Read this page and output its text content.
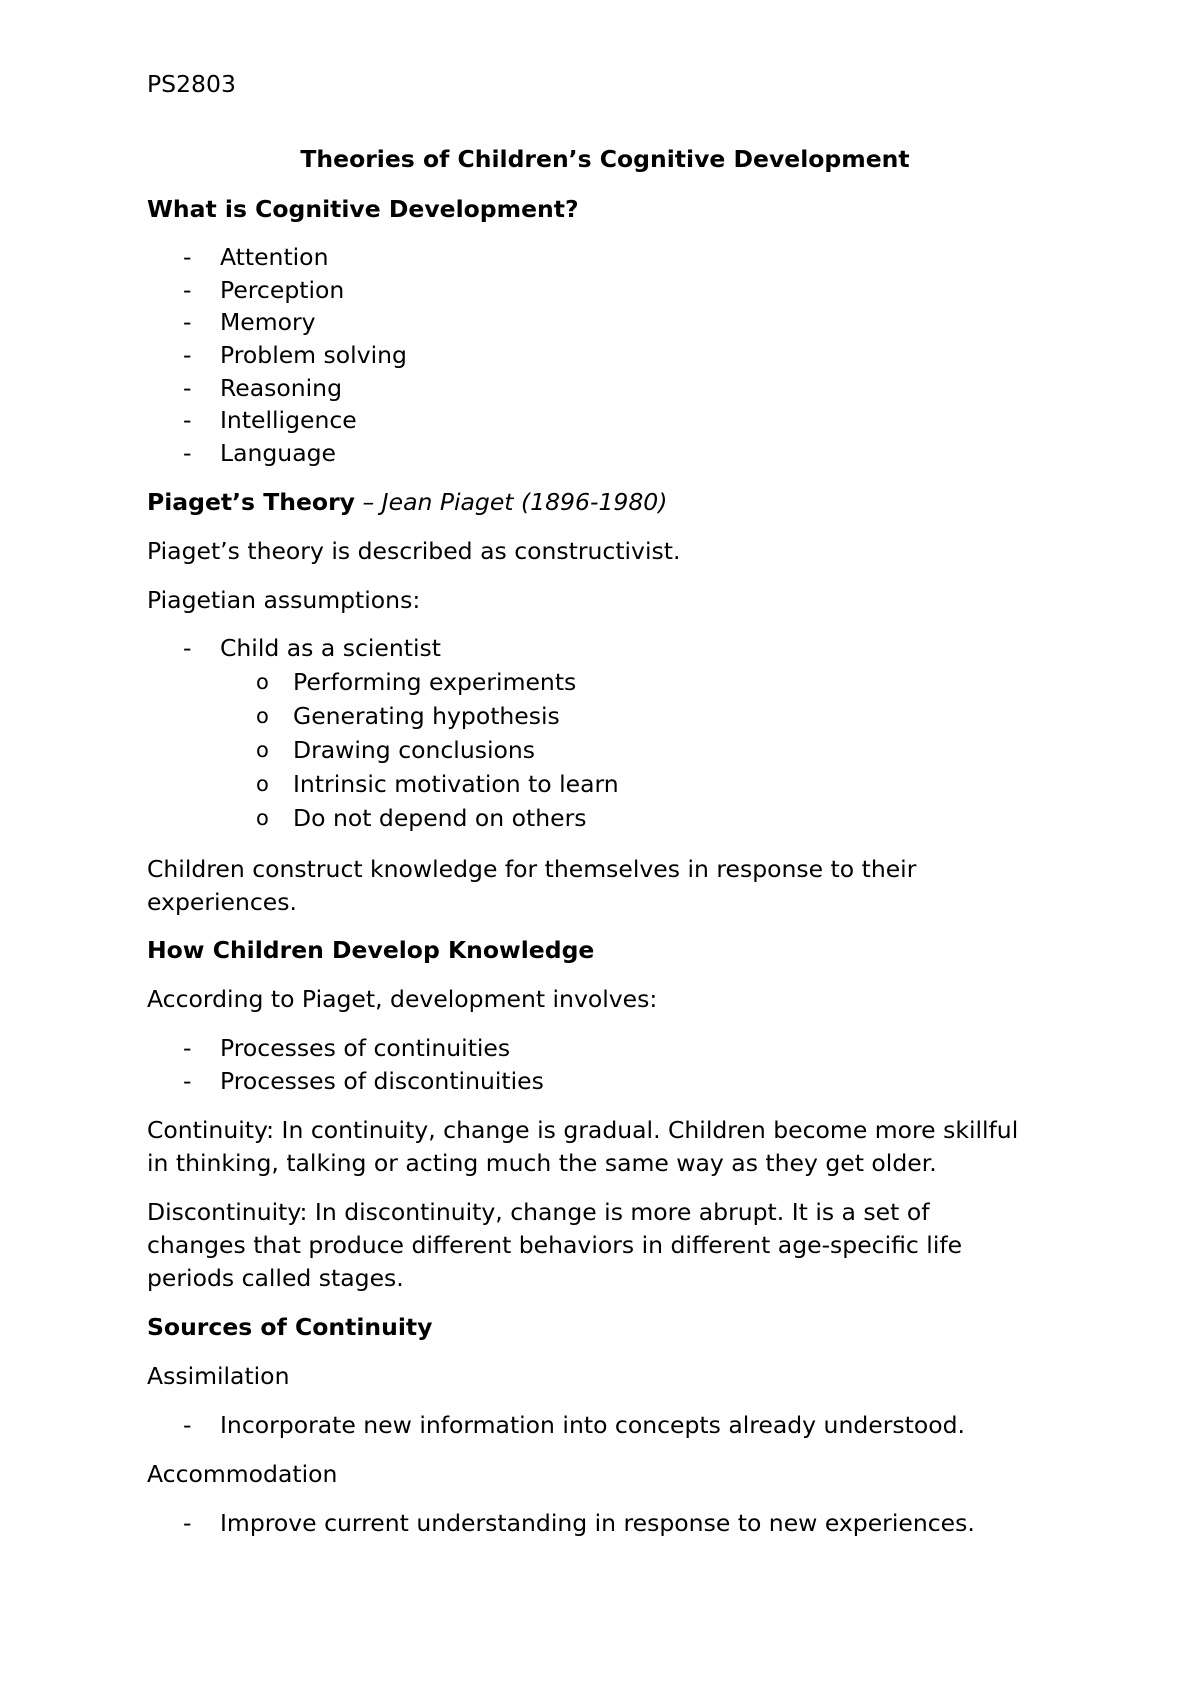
PS2803
Theories of Children’s Cognitive Development
What is Cognitive Development?
- Attention
- Perception
- Memory
- Problem solving
- Reasoning
- Intelligence
- Language
Piaget’s Theory – Jean Piaget (1896-1980)
Piaget’s theory is described as constructivist.
Piagetian assumptions:
- Child as a scientist
o Performing experiments
o Generating hypothesis
o Drawing conclusions
o Intrinsic motivation to learn
o Do not depend on others
Children construct knowledge for themselves in response to their
experiences.
How Children Develop Knowledge
According to Piaget, development involves:
- Processes of continuities
- Processes of discontinuities
Continuity: In continuity, change is gradual. Children become more skillful
in thinking, talking or acting much the same way as they get older.
Discontinuity: In discontinuity, change is more abrupt. It is a set of
changes that produce different behaviors in different age-specific life
periods called stages.
Sources of Continuity
Assimilation
- Incorporate new information into concepts already understood.
Accommodation
- Improve current understanding in response to new experiences.
